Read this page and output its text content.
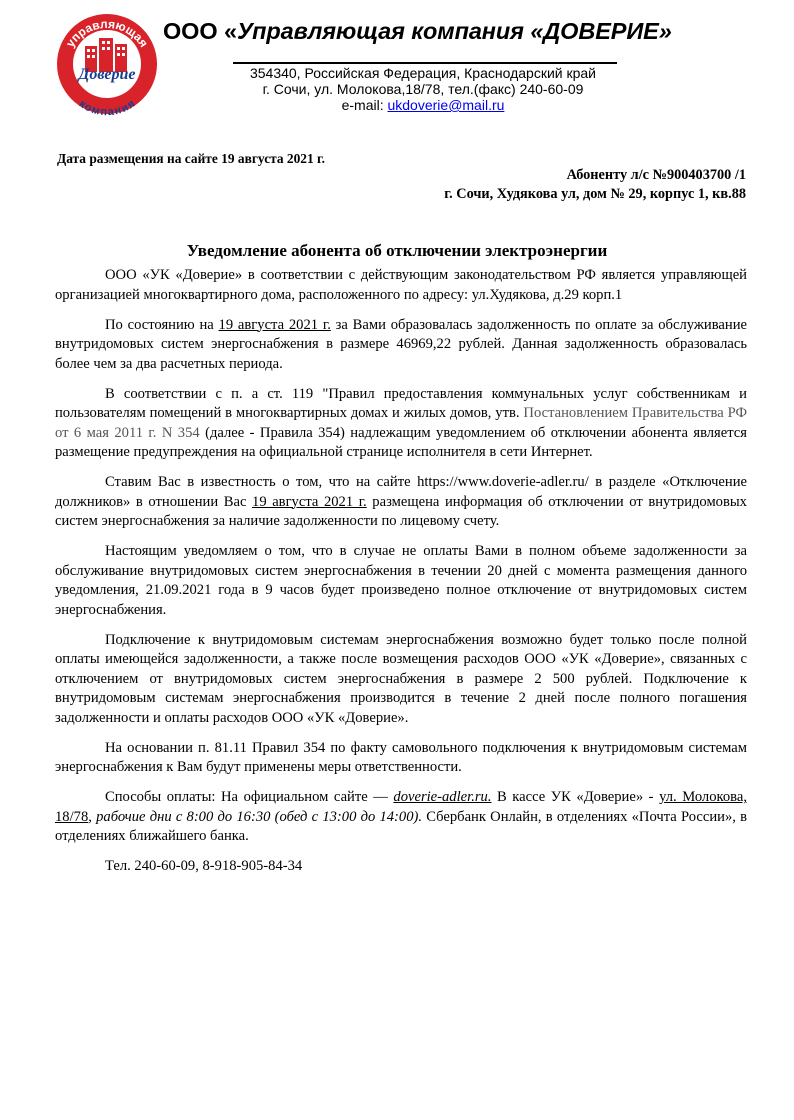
управляющая
Доверие
компания
ООО «Управляющая компания «ДОВЕРИЕ»
354340, Российская Федерация, Краснодарский край
г. Сочи, ул. Молокова,18/78, тел.(факс) 240-60-09
e-mail: ukdoverie@mail.ru
Дата размещения на сайте 19 августа 2021 г.
Абоненту л/с №900403700 /1
г. Сочи, Худякова ул, дом № 29, корпус 1, кв.88
Уведомление абонента об отключении электроэнергии

ООО «УК «Доверие» в соответствии с действующим законодательством РФ является управляющей организацией многоквартирного дома, расположенного по адресу: ул.Худякова, д.29 корп.1

По состоянию на 19 августа 2021 г. за Вами образовалась задолженность по оплате за обслуживание внутридомовых систем энергоснабжения в размере 46969,22 рублей. Данная задолженность образовалась более чем за два расчетных периода.

В соответствии с п. а ст. 119 "Правил предоставления коммунальных услуг собственникам и пользователям помещений в многоквартирных домах и жилых домов, утв. Постановлением Правительства РФ от 6 мая 2011 г. N 354 (далее - Правила 354) надлежащим уведомлением об отключении абонента является размещение предупреждения на официальной странице исполнителя в сети Интернет.

Ставим Вас в известность о том, что на сайте https://www.doverie-adler.ru/ в разделе «Отключение должников» в отношении Вас 19 августа 2021 г. размещена информация об отключении от внутридомовых систем энергоснабжения за наличие задолженности по лицевому счету.

Настоящим уведомляем о том, что в случае не оплаты Вами в полном объеме задолженности за обслуживание внутридомовых систем энергоснабжения в течении 20 дней с момента размещения данного уведомления, 21.09.2021 года в 9 часов будет произведено полное отключение от внутридомовых систем энергоснабжения.

Подключение к внутридомовым системам энергоснабжения возможно будет только после полной оплаты имеющейся задолженности, а также после возмещения расходов ООО «УК «Доверие», связанных с отключением от внутридомовых систем энергоснабжения в размере 2 500 рублей. Подключение к внутридомовым системам энергоснабжения производится в течение 2 дней после полного погашения задолженности и оплаты расходов ООО «УК «Доверие».

На основании п. 81.11 Правил 354 по факту самовольного подключения к внутридомовым системам энергоснабжения к Вам будут применены меры ответственности.

Способы оплаты: На официальном сайте — doverie-adler.ru. В кассе УК «Доверие» - ул. Молокова, 18/78, рабочие дни с 8:00 до 16:30 (обед с 13:00 до 14:00). Сбербанк Онлайн, в отделениях «Почта России», в отделениях ближайшего банка.

Тел. 240-60-09, 8-918-905-84-34
